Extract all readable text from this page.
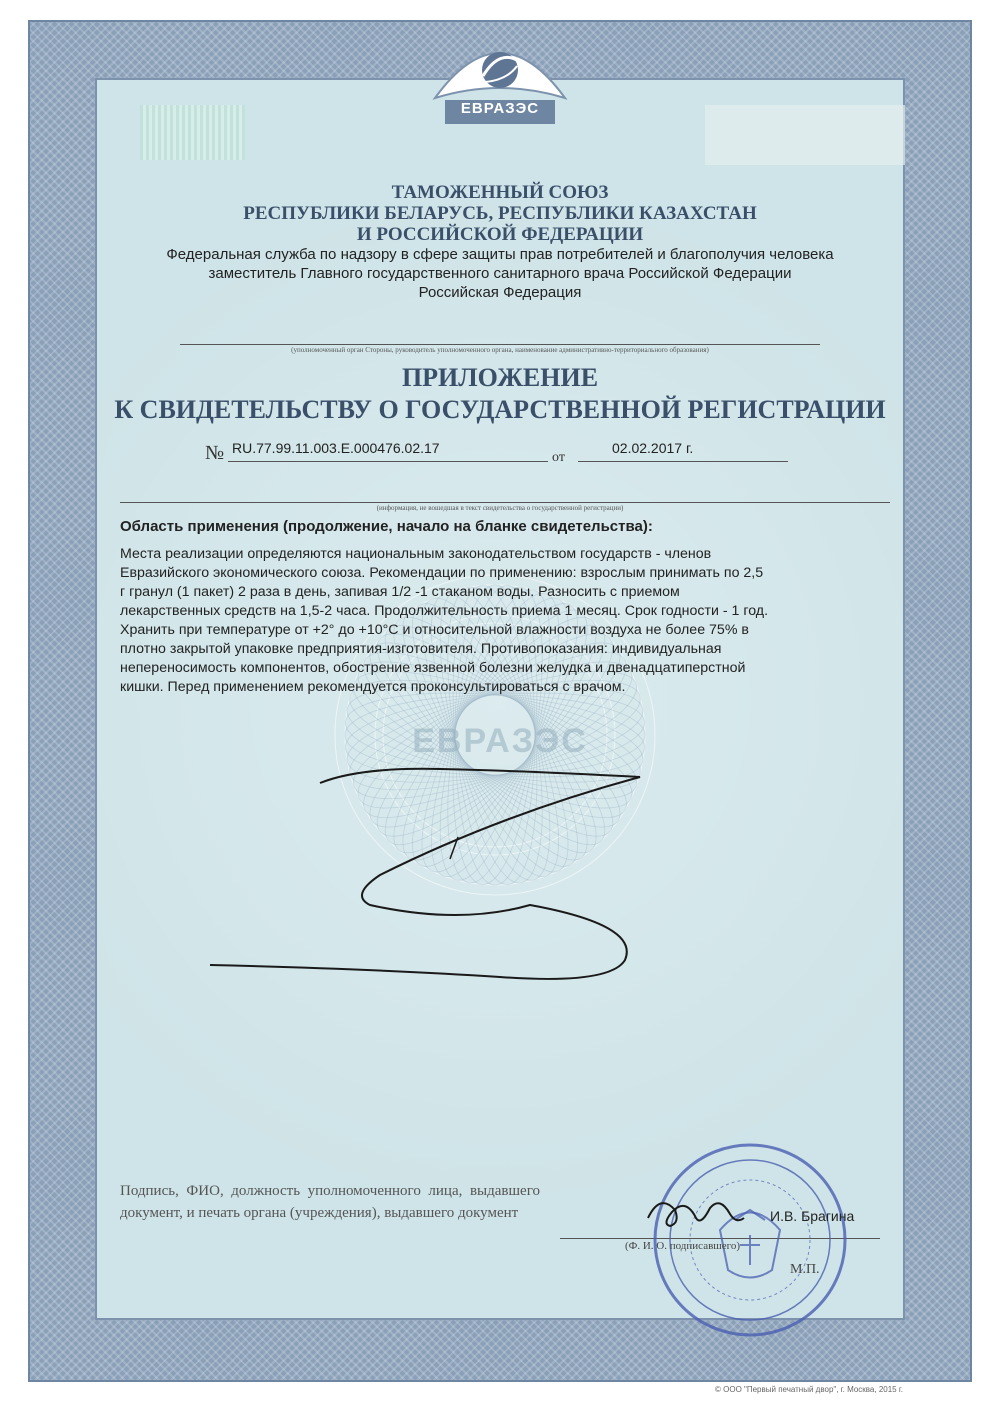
ЕВРАЗЭС
ЕВРАЗЭС
ТАМОЖЕННЫЙ СОЮЗ
РЕСПУБЛИКИ БЕЛАРУСЬ, РЕСПУБЛИКИ КАЗАХСТАН
И РОССИЙСКОЙ ФЕДЕРАЦИИ
Федеральная служба по надзору в сфере защиты прав потребителей и благополучия человека
заместитель Главного государственного санитарного врача Российской Федерации
Российская Федерация
(уполномоченный орган Стороны, руководитель уполномоченного органа, наименование административно-территориального образования)
ПРИЛОЖЕНИЕ
К СВИДЕТЕЛЬСТВУ О ГОСУДАРСТВЕННОЙ РЕГИСТРАЦИИ
№ RU.77.99.11.003.E.000476.02.17
от
02.02.2017 г.
(информация, не вошедшая в текст свидетельства о государственной регистрации)
Область применения (продолжение, начало на бланке свидетельства):
Места реализации определяются национальным законодательством государств - членов
Евразийского экономического союза. Рекомендации по применению: взрослым принимать по 2,5
г гранул (1 пакет) 2 раза в день, запивая 1/2 -1 стаканом воды. Разносить с приемом
лекарственных средств на 1,5-2 часа. Продолжительность приема 1 месяц. Срок годности - 1 год.
Хранить при температуре от +2° до +10°С и относительной влажности воздуха не более 75% в
плотно закрытой упаковке предприятия-изготовителя. Противопоказания: индивидуальная
непереносимость компонентов, обострение язвенной болезни желудка и двенадцатиперстной
кишки. Перед применением рекомендуется проконсультироваться с врачом.
Подпись, ФИО, должность уполномоченного лица, выдавшего документ, и печать органа (учреждения), выдавшего документ	И.В. Брагина
(Ф. И. О. подписавшего)
М.П.
© ООО "Первый печатный двор", г. Москва, 2015 г.
